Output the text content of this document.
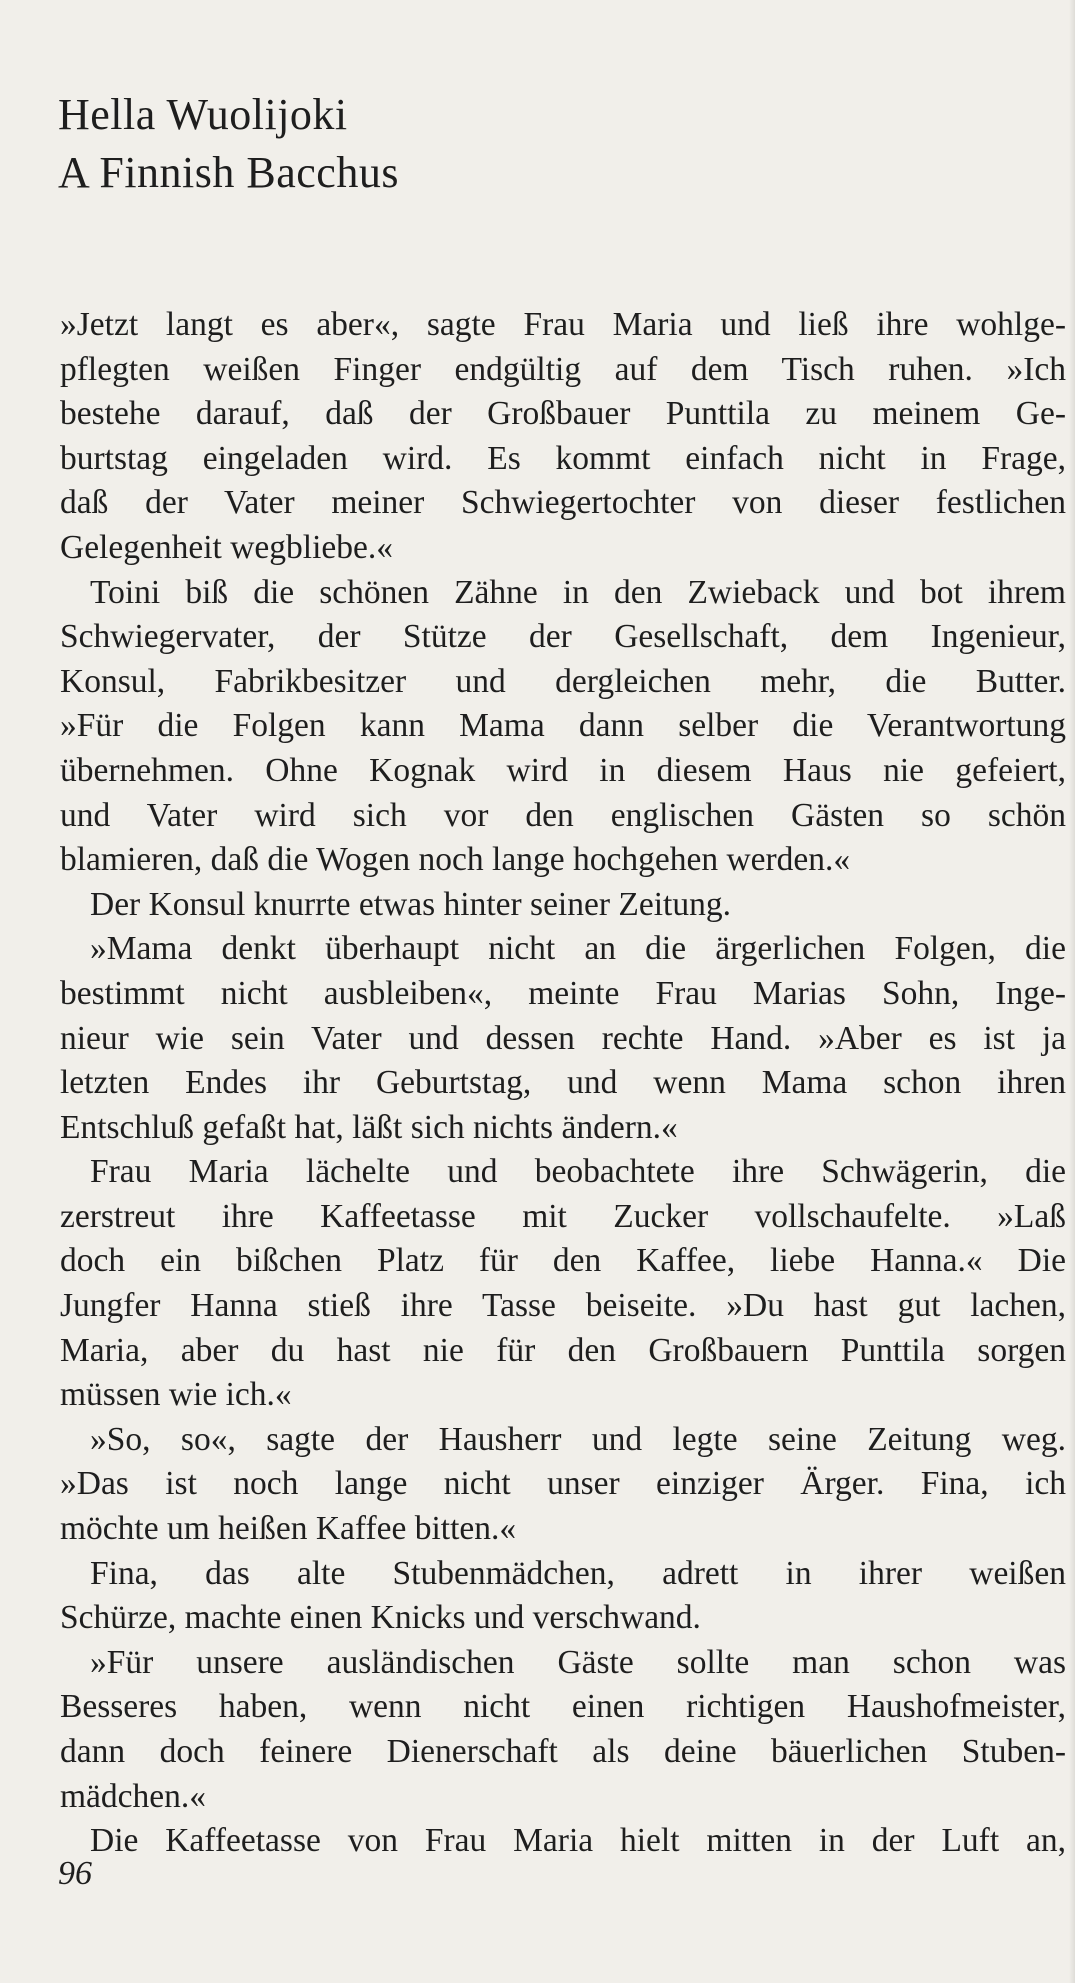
Hella Wuolijoki
A Finnish Bacchus
»Jetzt langt es aber«, sagte Frau Maria und ließ ihre wohlge-
pflegten weißen Finger endgültig auf dem Tisch ruhen. »Ich
bestehe darauf, daß der Großbauer Punttila zu meinem Ge-
burtstag eingeladen wird. Es kommt einfach nicht in Frage,
daß der Vater meiner Schwiegertochter von dieser festlichen
Gelegenheit wegbliebe.«
Toini biß die schönen Zähne in den Zwieback und bot ihrem
Schwiegervater, der Stütze der Gesellschaft, dem Ingenieur,
Konsul, Fabrikbesitzer und dergleichen mehr, die Butter.
»Für die Folgen kann Mama dann selber die Verantwortung
übernehmen. Ohne Kognak wird in diesem Haus nie gefeiert,
und Vater wird sich vor den englischen Gästen so schön
blamieren, daß die Wogen noch lange hochgehen werden.«
Der Konsul knurrte etwas hinter seiner Zeitung.
»Mama denkt überhaupt nicht an die ärgerlichen Folgen, die
bestimmt nicht ausbleiben«, meinte Frau Marias Sohn, Inge-
nieur wie sein Vater und dessen rechte Hand. »Aber es ist ja
letzten Endes ihr Geburtstag, und wenn Mama schon ihren
Entschluß gefaßt hat, läßt sich nichts ändern.«
Frau Maria lächelte und beobachtete ihre Schwägerin, die
zerstreut ihre Kaffeetasse mit Zucker vollschaufelte. »Laß
doch ein bißchen Platz für den Kaffee, liebe Hanna.« Die
Jungfer Hanna stieß ihre Tasse beiseite. »Du hast gut lachen,
Maria, aber du hast nie für den Großbauern Punttila sorgen
müssen wie ich.«
»So, so«, sagte der Hausherr und legte seine Zeitung weg.
»Das ist noch lange nicht unser einziger Ärger. Fina, ich
möchte um heißen Kaffee bitten.«
Fina, das alte Stubenmädchen, adrett in ihrer weißen
Schürze, machte einen Knicks und verschwand.
»Für unsere ausländischen Gäste sollte man schon was
Besseres haben, wenn nicht einen richtigen Haushofmeister,
dann doch feinere Dienerschaft als deine bäuerlichen Stuben-
mädchen.«
Die Kaffeetasse von Frau Maria hielt mitten in der Luft an,
96
